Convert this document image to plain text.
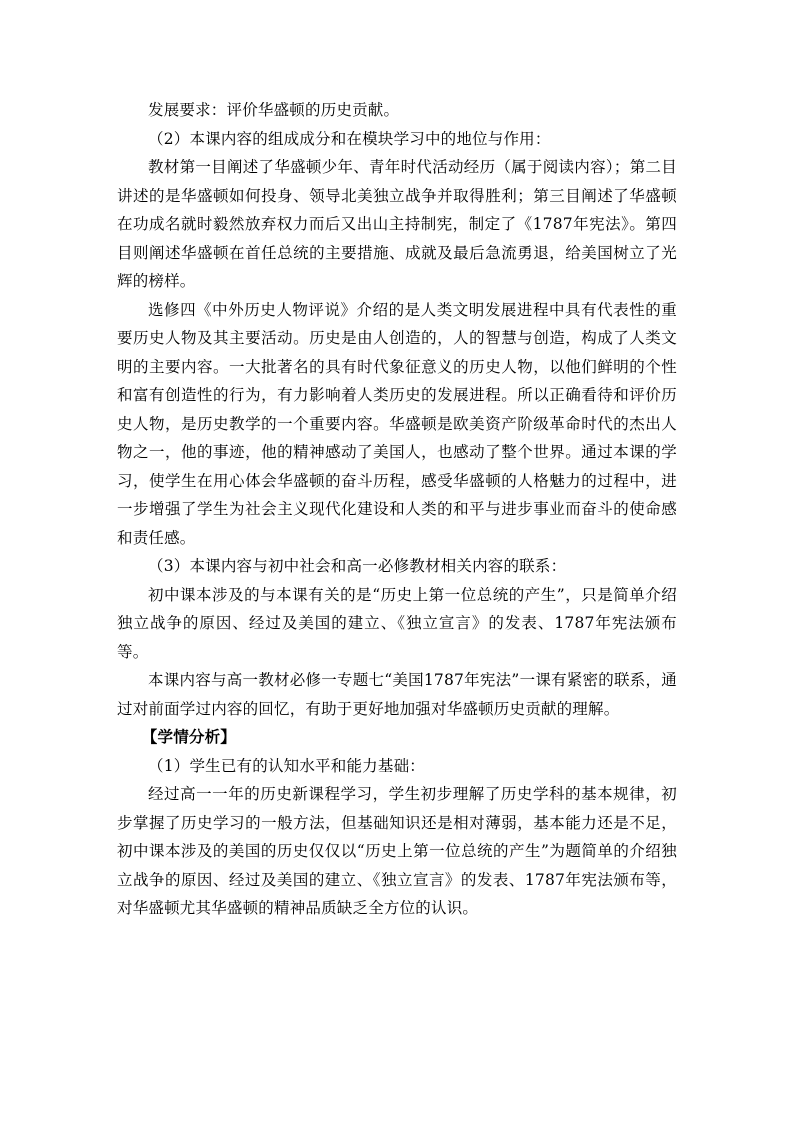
发展要求：评价华盛顿的历史贡献。

（2）本课内容的组成成分和在模块学习中的地位与作用：

教材第一目阐述了华盛顿少年、青年时代活动经历（属于阅读内容）；第二目讲述的是华盛顿如何投身、领导北美独立战争并取得胜利；第三目阐述了华盛顿在功成名就时毅然放弃权力而后又出山主持制宪，制定了《1787年宪法》。第四目则阐述华盛顿在首任总统的主要措施、成就及最后急流勇退，给美国树立了光辉的榜样。

选修四《中外历史人物评说》介绍的是人类文明发展进程中具有代表性的重要历史人物及其主要活动。历史是由人创造的，人的智慧与创造，构成了人类文明的主要内容。一大批著名的具有时代象征意义的历史人物，以他们鲜明的个性和富有创造性的行为，有力影响着人类历史的发展进程。所以正确看待和评价历史人物，是历史教学的一个重要内容。华盛顿是欧美资产阶级革命时代的杰出人物之一，他的事迹，他的精神感动了美国人，也感动了整个世界。通过本课的学习，使学生在用心体会华盛顿的奋斗历程，感受华盛顿的人格魅力的过程中，进一步增强了学生为社会主义现代化建设和人类的和平与进步事业而奋斗的使命感和责任感。

（3）本课内容与初中社会和高一必修教材相关内容的联系：

初中课本涉及的与本课有关的是“历史上第一位总统的产生”，只是简单介绍独立战争的原因、经过及美国的建立、《独立宣言》的发表、1787年宪法颁布等。

本课内容与高一教材必修一专题七“美国1787年宪法”一课有紧密的联系，通过对前面学过内容的回忆，有助于更好地加强对华盛顿历史贡献的理解。

【学情分析】

（1）学生已有的认知水平和能力基础：

经过高一一年的历史新课程学习，学生初步理解了历史学科的基本规律，初步掌握了历史学习的一般方法，但基础知识还是相对薄弱，基本能力还是不足，初中课本涉及的美国的历史仅仅以“历史上第一位总统的产生”为题简单的介绍独立战争的原因、经过及美国的建立、《独立宣言》的发表、1787年宪法颁布等，对华盛顿尤其华盛顿的精神品质缺乏全方位的认识。
